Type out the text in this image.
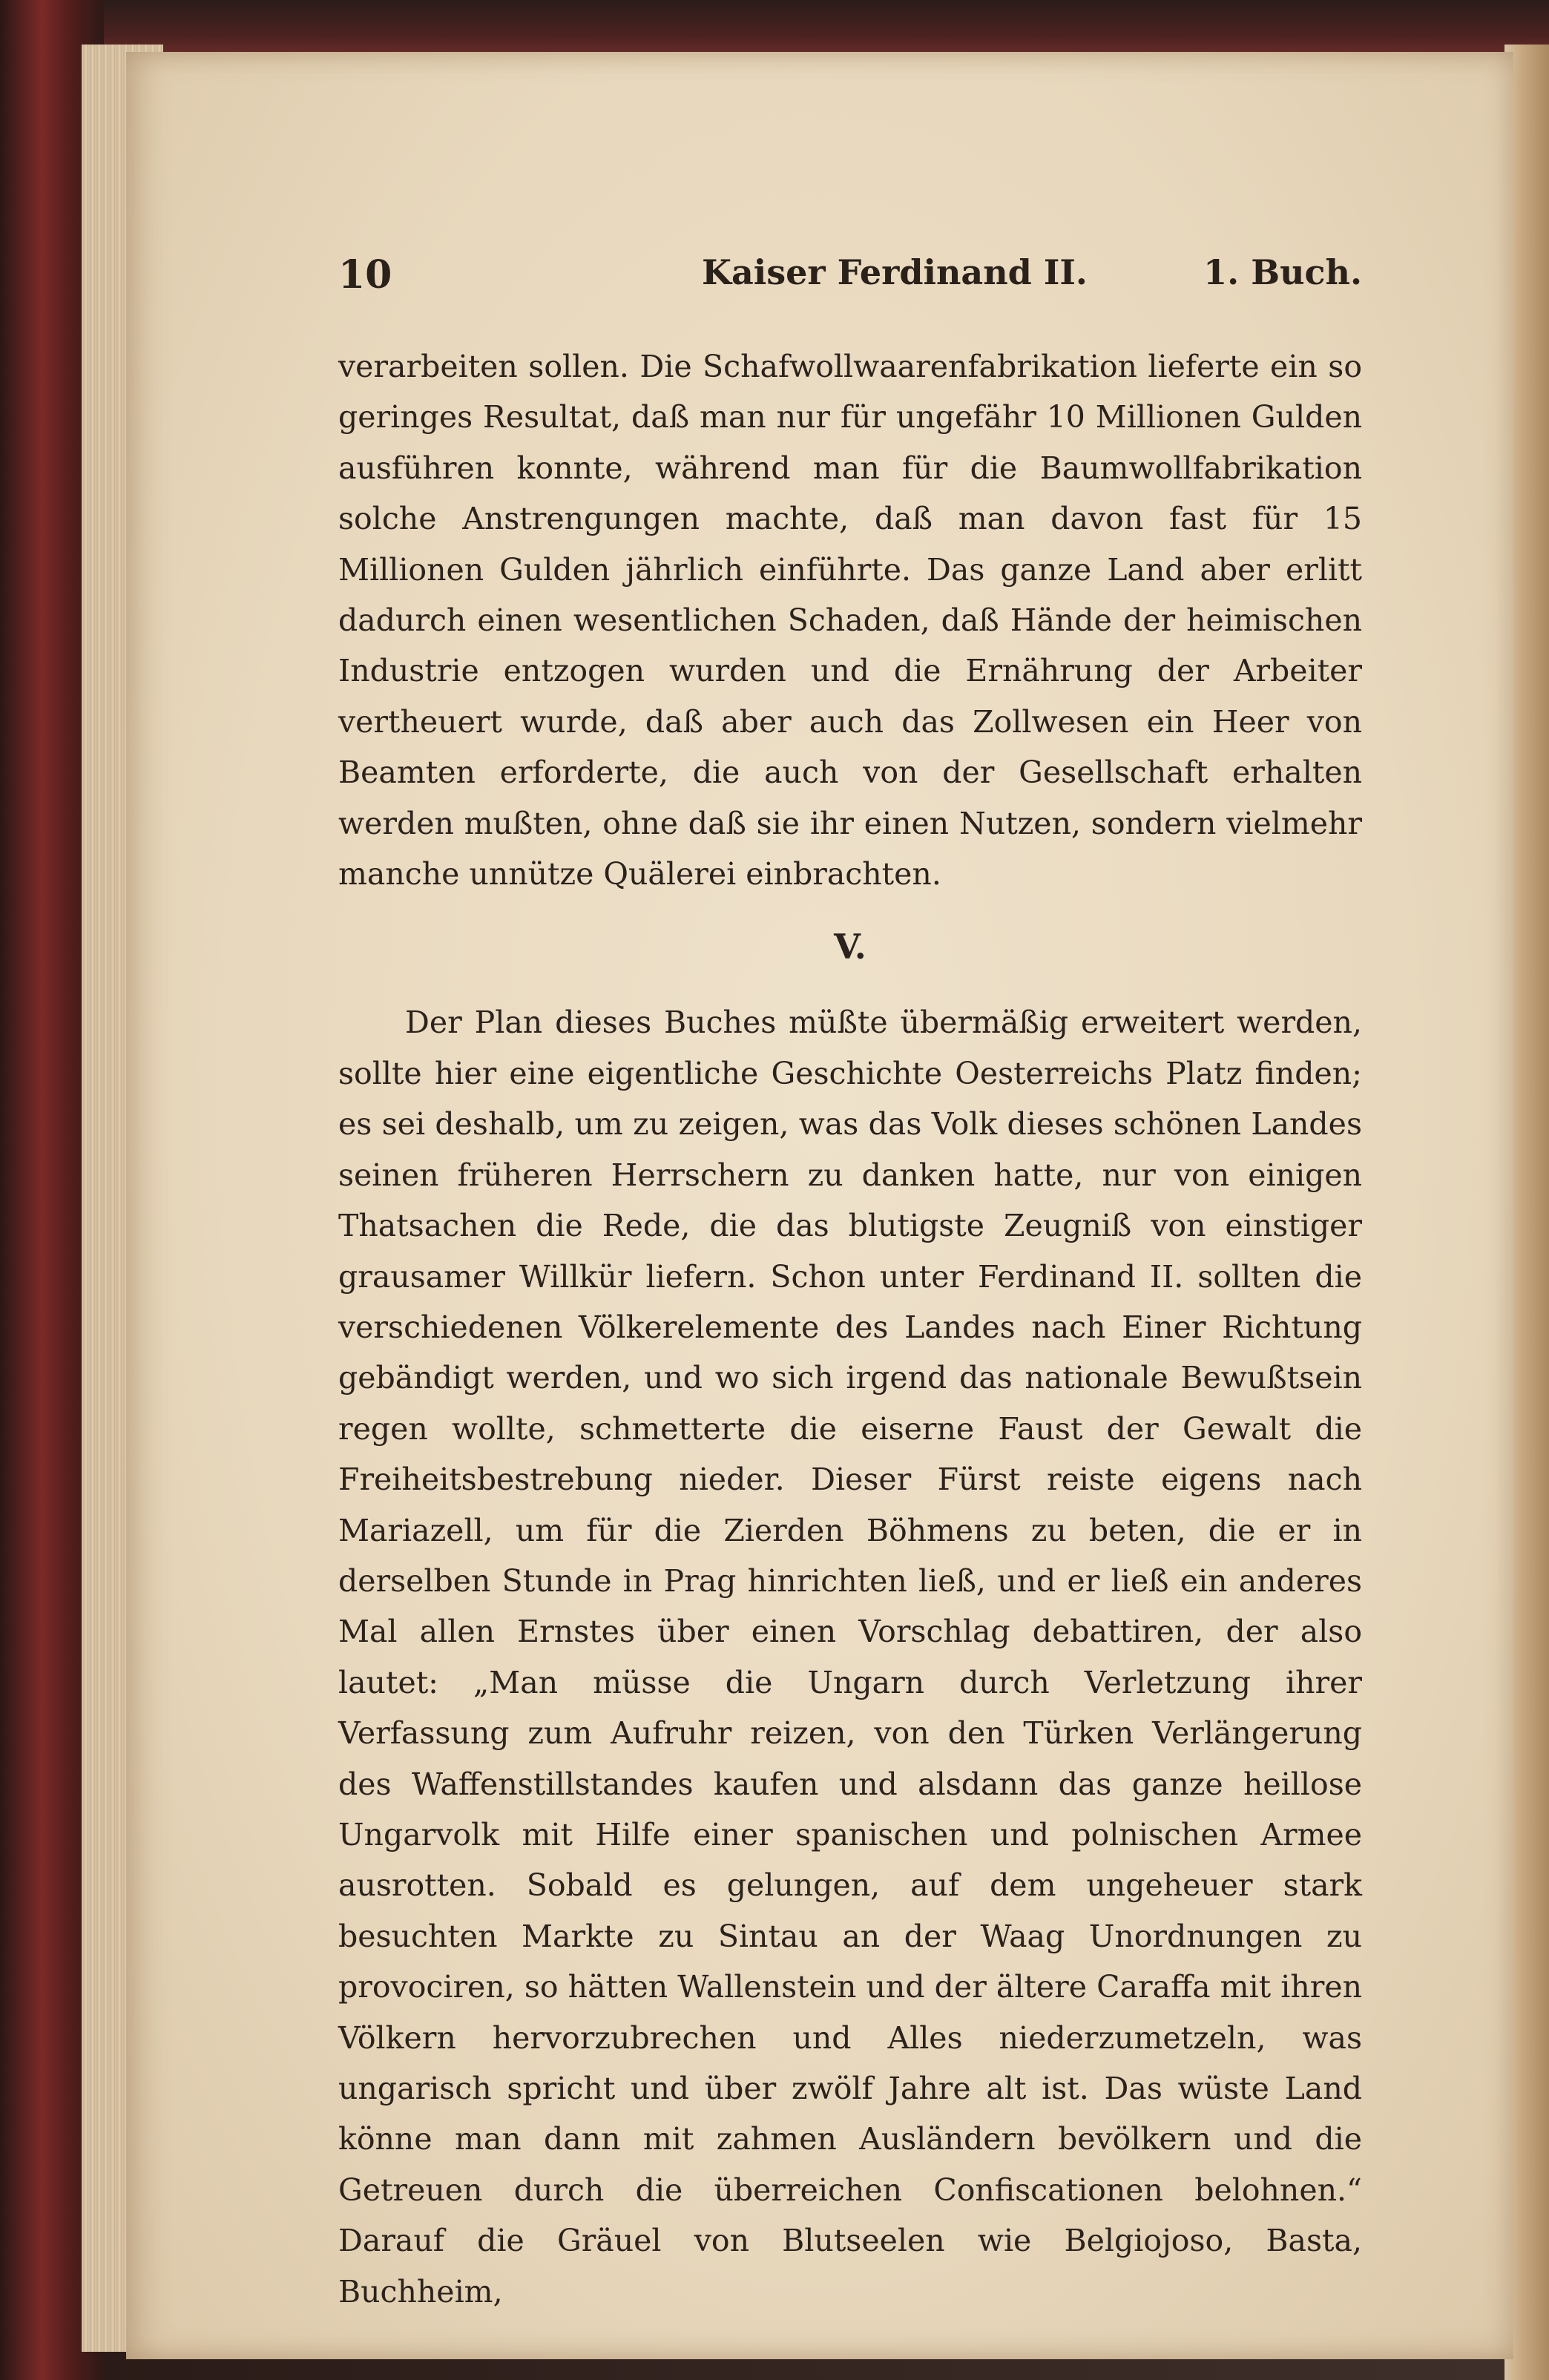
10	Kaiser Ferdinand II.	1. Buch.

verarbeiten sollen. Die Schafwollwaarenfabrikation lieferte ein so geringes Resultat, daß man nur für ungefähr 10 Millionen Gulden ausführen konnte, während man für die Baumwollfabrikation solche Anstrengungen machte, daß man davon fast für 15 Millionen Gulden jährlich einführte. Das ganze Land aber erlitt dadurch einen wesentlichen Schaden, daß Hände der heimischen Industrie entzogen wurden und die Ernährung der Arbeiter vertheuert wurde, daß aber auch das Zollwesen ein Heer von Beamten erforderte, die auch von der Gesellschaft erhalten werden mußten, ohne daß sie ihr einen Nutzen, sondern vielmehr manche unnütze Quälerei einbrachten.

V.

Der Plan dieses Buches müßte übermäßig erweitert werden, sollte hier eine eigentliche Geschichte Oesterreichs Platz finden; es sei deshalb, um zu zeigen, was das Volk dieses schönen Landes seinen früheren Herrschern zu danken hatte, nur von einigen Thatsachen die Rede, die das blutigste Zeugniß von einstiger grausamer Willkür liefern. Schon unter Ferdinand II. sollten die verschiedenen Völkerelemente des Landes nach Einer Richtung gebändigt werden, und wo sich irgend das nationale Bewußtsein regen wollte, schmetterte die eiserne Faust der Gewalt die Freiheitsbestrebung nieder. Dieser Fürst reiste eigens nach Mariazell, um für die Zierden Böhmens zu beten, die er in derselben Stunde in Prag hinrichten ließ, und er ließ ein anderes Mal allen Ernstes über einen Vorschlag debattiren, der also lautet: „Man müsse die Ungarn durch Verletzung ihrer Verfassung zum Aufruhr reizen, von den Türken Verlängerung des Waffenstillstandes kaufen und alsdann das ganze heillose Ungarvolk mit Hilfe einer spanischen und polnischen Armee ausrotten. Sobald es gelungen, auf dem ungeheuer stark besuchten Markte zu Sintau an der Waag Unordnungen zu provociren, so hätten Wallenstein und der ältere Caraffa mit ihren Völkern hervorzubrechen und Alles niederzumetzeln, was ungarisch spricht und über zwölf Jahre alt ist. Das wüste Land könne man dann mit zahmen Ausländern bevölkern und die Getreuen durch die überreichen Confiscationen belohnen.“ Darauf die Gräuel von Blutseelen wie Belgiojoso, Basta, Buchheim,
